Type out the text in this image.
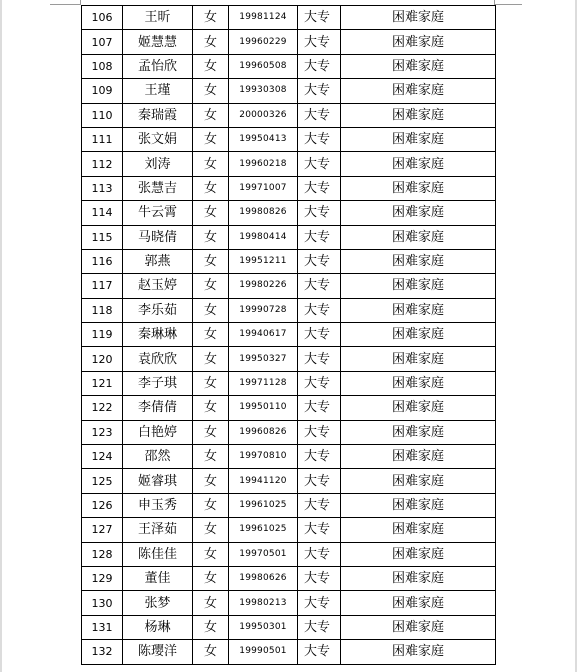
106	王昕	女	19981124	大专	困难家庭
107	姬慧慧	女	19960229	大专	困难家庭
108	孟怡欣	女	19960508	大专	困难家庭
109	王瑾	女	19930308	大专	困难家庭
110	秦瑞霞	女	20000326	大专	困难家庭
111	张文娟	女	19950413	大专	困难家庭
112	刘涛	女	19960218	大专	困难家庭
113	张慧吉	女	19971007	大专	困难家庭
114	牛云霄	女	19980826	大专	困难家庭
115	马晓倩	女	19980414	大专	困难家庭
116	郭燕	女	19951211	大专	困难家庭
117	赵玉婷	女	19980226	大专	困难家庭
118	李乐茹	女	19990728	大专	困难家庭
119	秦琳琳	女	19940617	大专	困难家庭
120	袁欣欣	女	19950327	大专	困难家庭
121	李子琪	女	19971128	大专	困难家庭
122	李倩倩	女	19950110	大专	困难家庭
123	白艳婷	女	19960826	大专	困难家庭
124	邵然	女	19970810	大专	困难家庭
125	姬睿琪	女	19941120	大专	困难家庭
126	申玉秀	女	19961025	大专	困难家庭
127	王泽茹	女	19961025	大专	困难家庭
128	陈佳佳	女	19970501	大专	困难家庭
129	董佳	女	19980626	大专	困难家庭
130	张梦	女	19980213	大专	困难家庭
131	杨琳	女	19950301	大专	困难家庭
132	陈璎洋	女	19990501	大专	困难家庭
